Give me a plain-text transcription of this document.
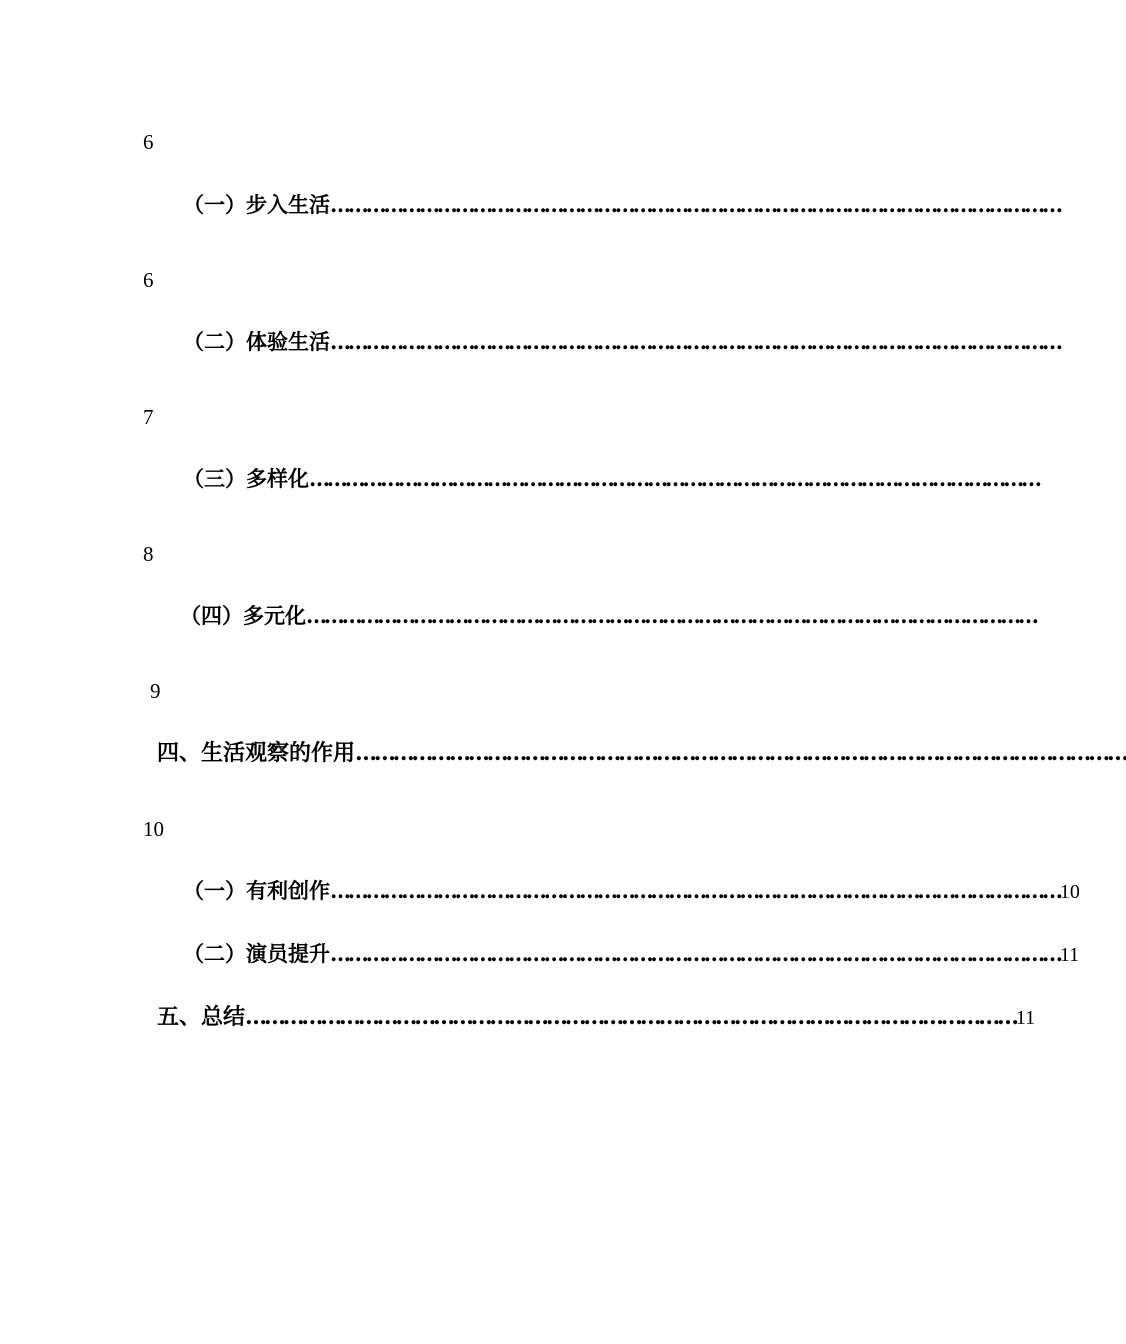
6
（一）步入生活 ……………………………………………………………………………………………………………
6
（二）体验生活 ……………………………………………………………………………………………………………
7
（三）多样化 ……………………………………………………………………………………………………………
8
（四）多元化 ……………………………………………………………………………………………………………
9
四、生活观察的作用 ……………………………………………………………………………………………………………
10
（一）有利创作 …………………………………………………………………………………………………………… 10
（二）演员提升 …………………………………………………………………………………………………………… 11
五、总结 …………………………………………………………………………………………………………… 11
